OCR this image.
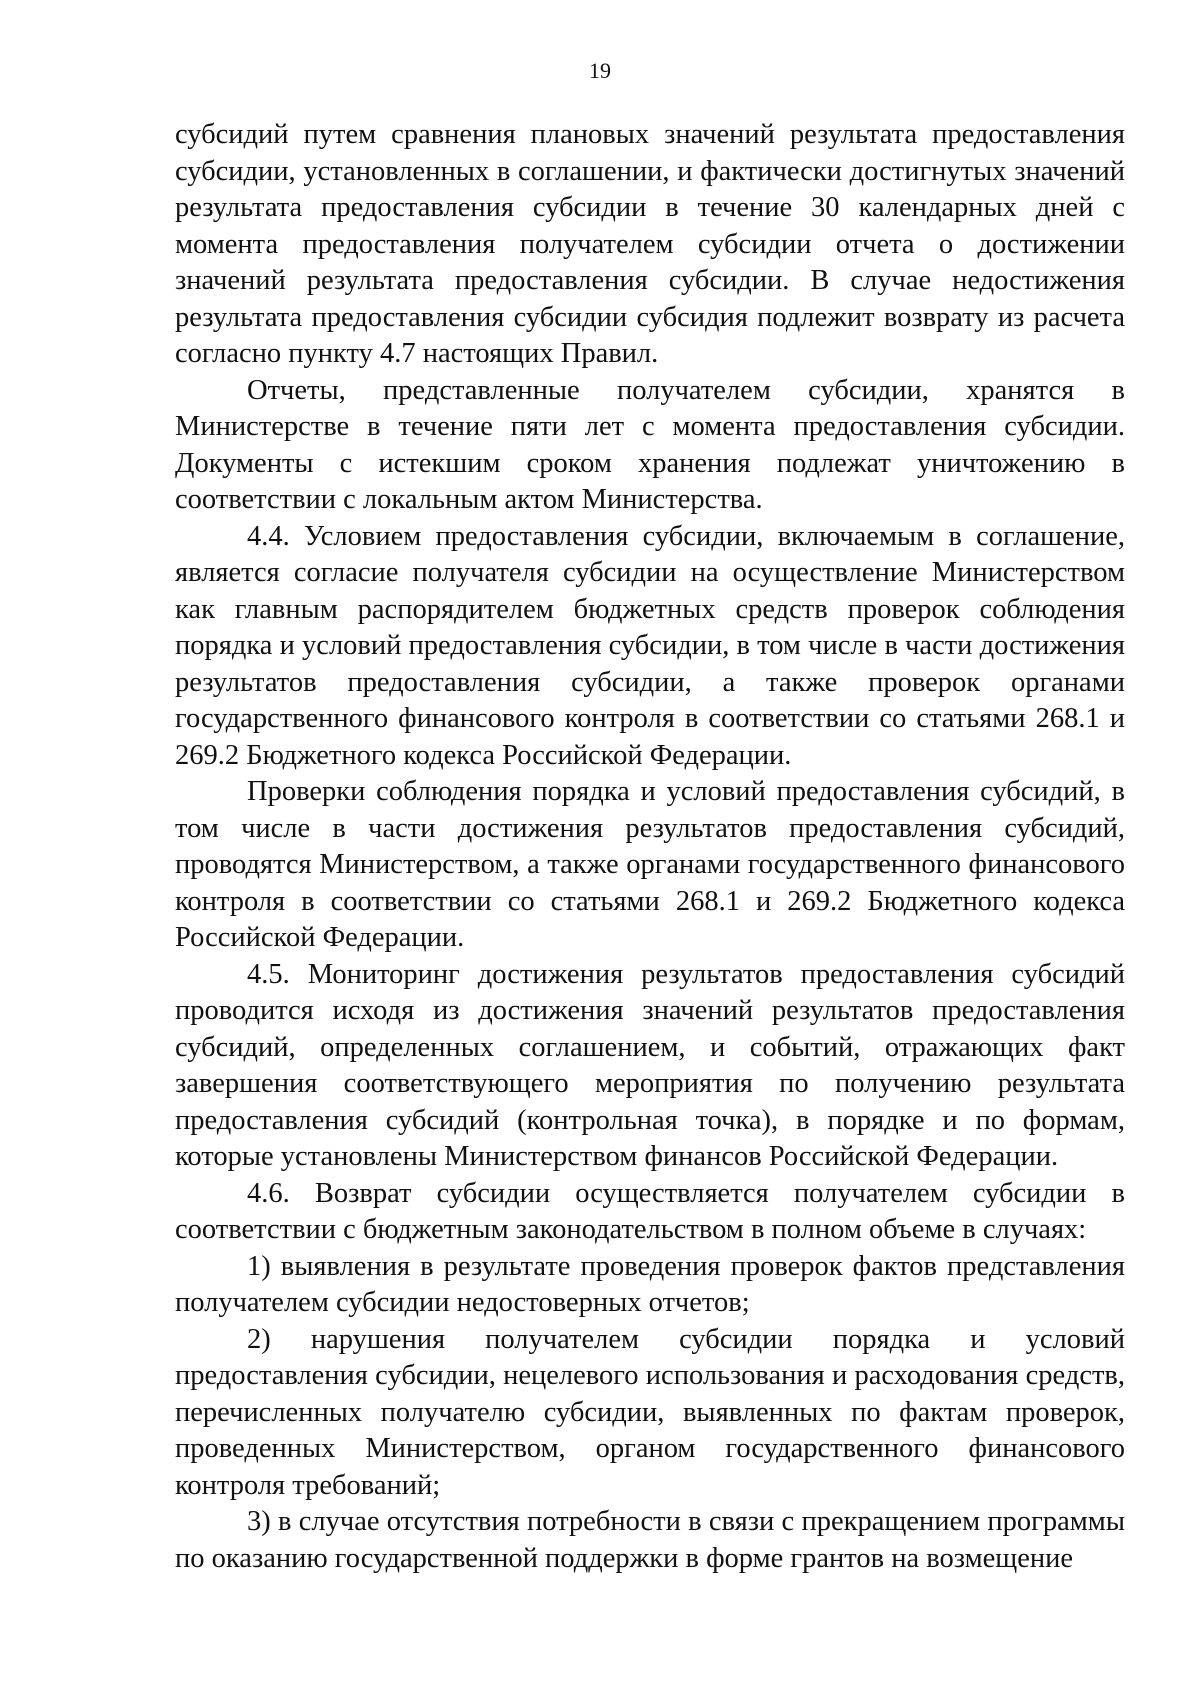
19

субсидий путем сравнения плановых значений результата предоставления субсидии, установленных в соглашении, и фактически достигнутых значений результата предоставления субсидии в течение 30 календарных дней с момента предоставления получателем субсидии отчета о достижении значений результата предоставления субсидии. В случае недостижения результата предоставления субсидии субсидия подлежит возврату из расчета согласно пункту 4.7 настоящих Правил.

Отчеты, представленные получателем субсидии, хранятся в Министерстве в течение пяти лет с момента предоставления субсидии. Документы с истекшим сроком хранения подлежат уничтожению в соответствии с локальным актом Министерства.

4.4. Условием предоставления субсидии, включаемым в соглашение, является согласие получателя субсидии на осуществление Министерством как главным распорядителем бюджетных средств проверок соблюдения порядка и условий предоставления субсидии, в том числе в части достижения результатов предоставления субсидии, а также проверок органами государственного финансового контроля в соответствии со статьями 268.1 и 269.2 Бюджетного кодекса Российской Федерации.

Проверки соблюдения порядка и условий предоставления субсидий, в том числе в части достижения результатов предоставления субсидий, проводятся Министерством, а также органами государственного финансового контроля в соответствии со статьями 268.1 и 269.2 Бюджетного кодекса Российской Федерации.

4.5. Мониторинг достижения результатов предоставления субсидий проводится исходя из достижения значений результатов предоставления субсидий, определенных соглашением, и событий, отражающих факт завершения соответствующего мероприятия по получению результата предоставления субсидий (контрольная точка), в порядке и по формам, которые установлены Министерством финансов Российской Федерации.

4.6. Возврат субсидии осуществляется получателем субсидии в соответствии с бюджетным законодательством в полном объеме в случаях:

1) выявления в результате проведения проверок фактов представления получателем субсидии недостоверных отчетов;

2) нарушения получателем субсидии порядка и условий предоставления субсидии, нецелевого использования и расходования средств, перечисленных получателю субсидии, выявленных по фактам проверок, проведенных Министерством, органом государственного финансового контроля требований;

3) в случае отсутствия потребности в связи с прекращением программы по оказанию государственной поддержки в форме грантов на возмещение
